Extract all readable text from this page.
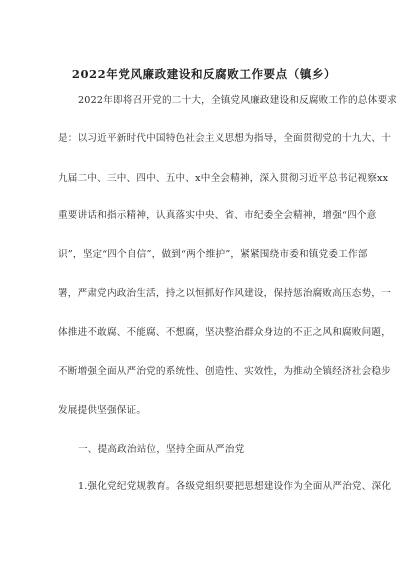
2022年党风廉政建设和反腐败工作要点（镇乡）
2022年即将召开党的二十大，全镇党风廉政建设和反腐败工作的总体要求
是：以习近平新时代中国特色社会主义思想为指导，全面贯彻党的十九大、十
九届二中、三中、四中、五中、x中全会精神，深入贯彻习近平总书记视察xx
重要讲话和指示精神，认真落实中央、省、市纪委全会精神，增强“四个意
识”，坚定“四个自信”，做到“两个维护”，紧紧围绕市委和镇党委工作部
署，严肃党内政治生活，持之以恒抓好作风建设，保持惩治腐败高压态势，一
体推进不敢腐、不能腐、不想腐，坚决整治群众身边的不正之风和腐败问题，
不断增强全面从严治党的系统性、创造性、实效性，为推动全镇经济社会稳步
发展提供坚强保证。
一、提高政治站位，坚持全面从严治党
1.强化党纪党规教育。各级党组织要把思想建设作为全面从严治党、深化
